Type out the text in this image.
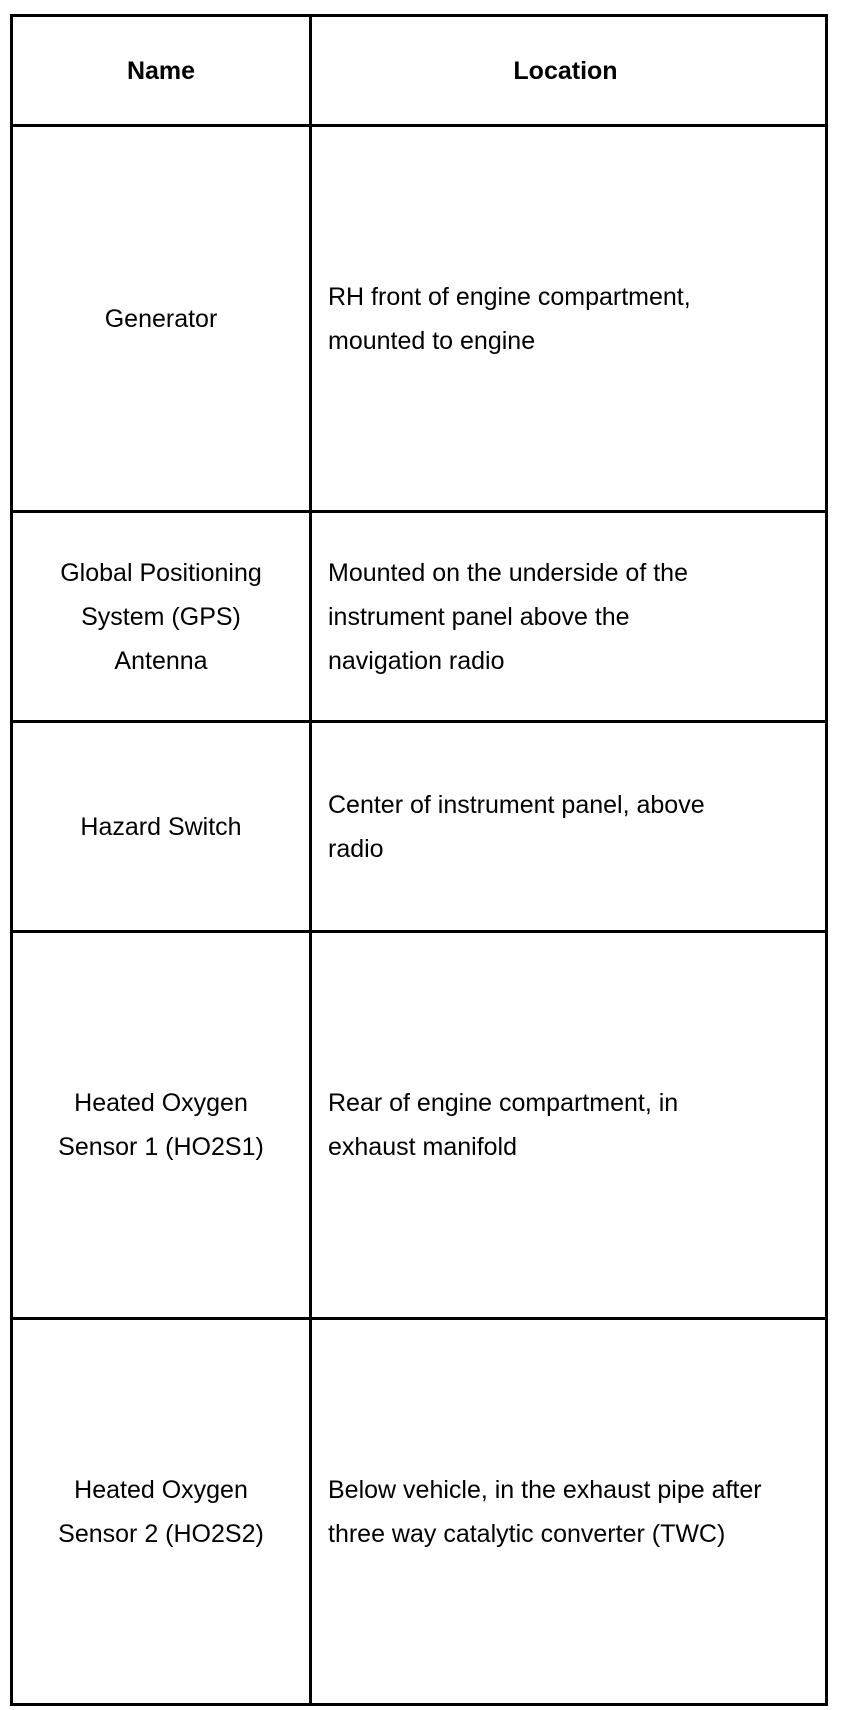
Name	Location
Generator
RH front of engine compartment, mounted to engine
Global Positioning System (GPS) Antenna
Mounted on the underside of the instrument panel above the navigation radio
Hazard Switch
Center of instrument panel, above radio
Heated Oxygen Sensor 1 (HO2S1)
Rear of engine compartment, in exhaust manifold
Heated Oxygen Sensor 2 (HO2S2)
Below vehicle, in the exhaust pipe after three way catalytic converter (TWC)
